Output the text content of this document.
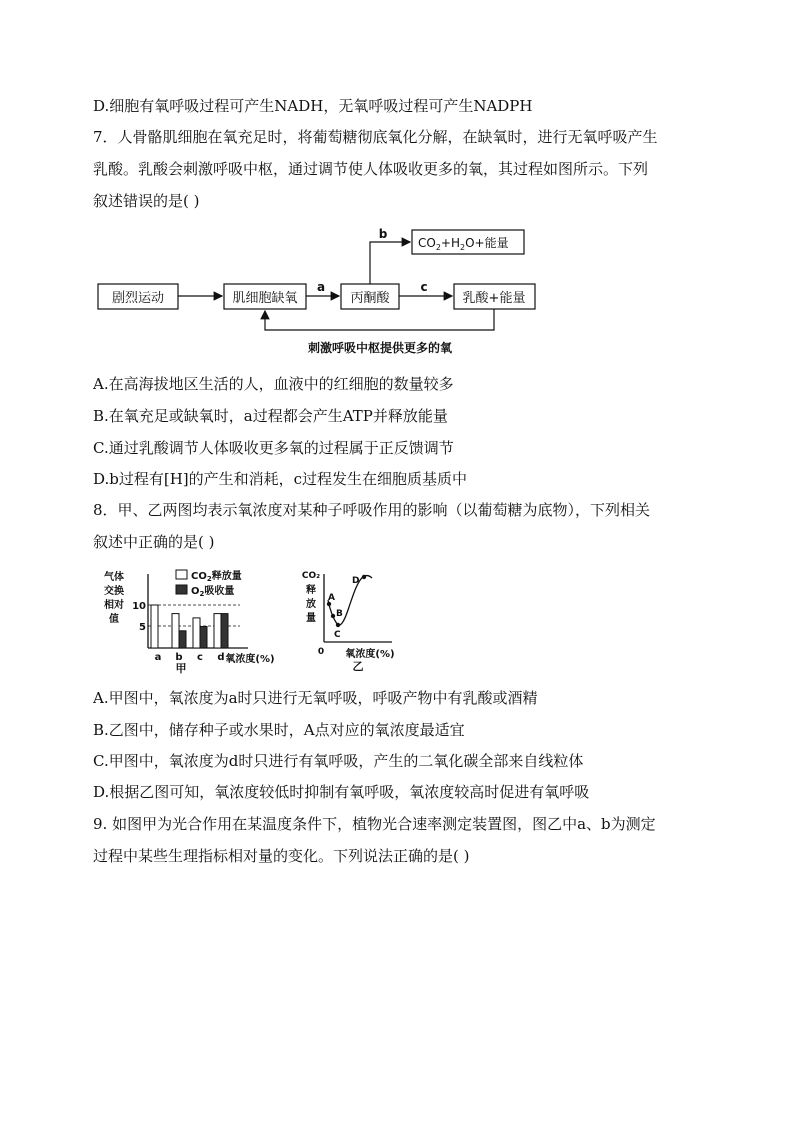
D.细胞有氧呼吸过程可产生NADH，无氧呼吸过程可产生NADPH
7．人骨骼肌细胞在氧充足时，将葡萄糖彻底氧化分解，在缺氧时，进行无氧呼吸产生
乳酸。乳酸会刺激呼吸中枢，通过调节使人体吸收更多的氧，其过程如图所示。下列
叙述错误的是( )
剧烈运动	肌细胞缺氧	丙酮酸	乳酸+能量
$CO_2+H_2O+$能量
a
b
c
刺激呼吸中枢提供更多的氧
A.在高海拔地区生活的人，血液中的红细胞的数量较多
B.在氧充足或缺氧时，a过程都会产生ATP并释放能量
C.通过乳酸调节人体吸收更多氧的过程属于正反馈调节
D.b过程有[H]的产生和消耗，c过程发生在细胞质基质中
8．甲、乙两图均表示氧浓度对某种子呼吸作用的影响（以葡萄糖为底物），下列相关
叙述中正确的是( )
气体
交换
相对
值
10
5
a b c d
甲
氧浓度(%)
$CO_2$释放量
$O_2$吸收量
CO₂
释
放
量
A
B
C
D
0 氧浓度(%)
乙
A.甲图中，氧浓度为a时只进行无氧呼吸，呼吸产物中有乳酸或酒精
B.乙图中，储存种子或水果时，A点对应的氧浓度最适宜
C.甲图中，氧浓度为d时只进行有氧呼吸，产生的二氧化碳全部来自线粒体
D.根据乙图可知，氧浓度较低时抑制有氧呼吸，氧浓度较高时促进有氧呼吸
9. 如图甲为光合作用在某温度条件下，植物光合速率测定装置图，图乙中a、b为测定
过程中某些生理指标相对量的变化。下列说法正确的是( )
